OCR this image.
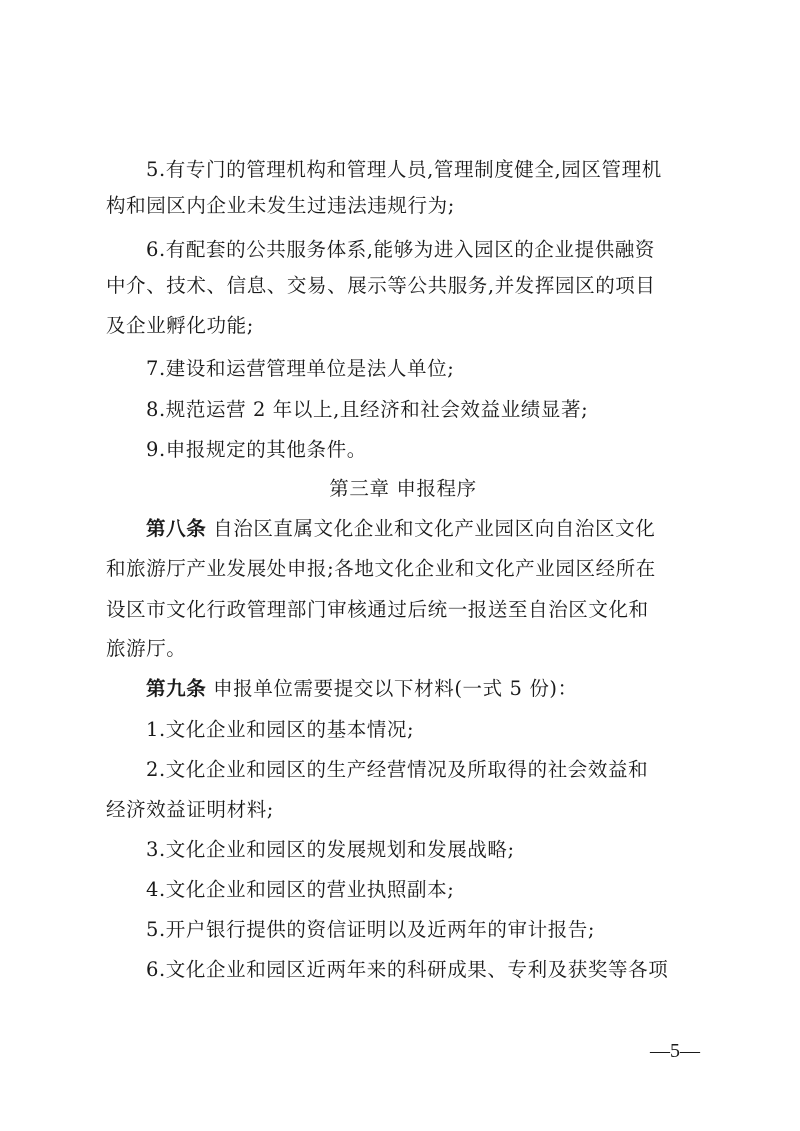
5.有专门的管理机构和管理人员,管理制度健全,园区管理机
构和园区内企业未发生过违法违规行为;
6.有配套的公共服务体系,能够为进入园区的企业提供融资
中介、技术、信息、交易、展示等公共服务,并发挥园区的项目
及企业孵化功能;
7.建设和运营管理单位是法人单位;
8.规范运营 2 年以上,且经济和社会效益业绩显著;
9.申报规定的其他条件。
第三章 申报程序
第八条 自治区直属文化企业和文化产业园区向自治区文化
和旅游厅产业发展处申报;各地文化企业和文化产业园区经所在
设区市文化行政管理部门审核通过后统一报送至自治区文化和
旅游厅。
第九条 申报单位需要提交以下材料(一式 5 份)：
1.文化企业和园区的基本情况;
2.文化企业和园区的生产经营情况及所取得的社会效益和
经济效益证明材料;
3.文化企业和园区的发展规划和发展战略;
4.文化企业和园区的营业执照副本;
5.开户银行提供的资信证明以及近两年的审计报告;
6.文化企业和园区近两年来的科研成果、专利及获奖等各项
—5—
